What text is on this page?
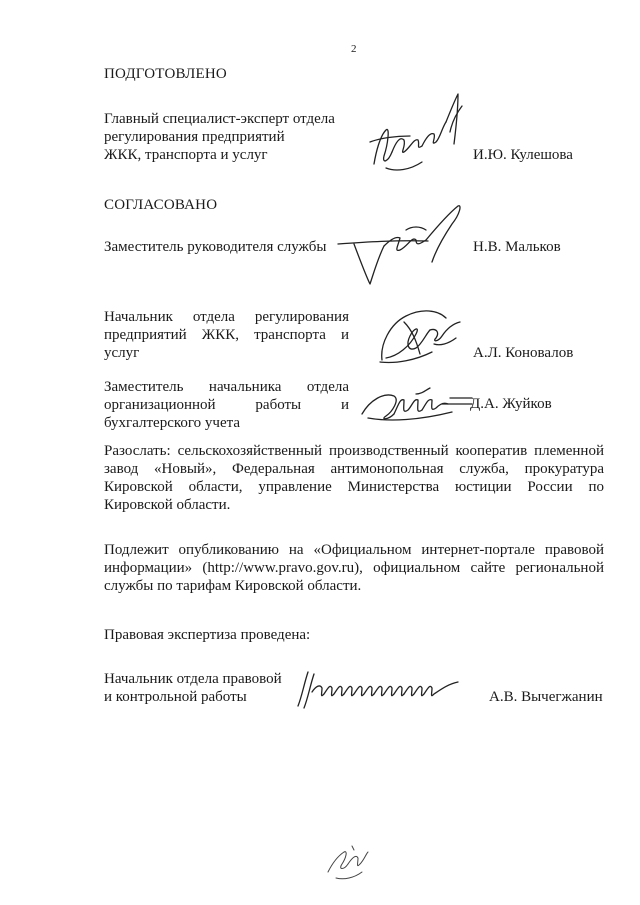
2
ПОДГОТОВЛЕНО
Главный специалист-эксперт отдела
регулирования предприятий
ЖКК, транспорта и услуг	И.Ю. Кулешова
СОГЛАСОВАНО
Заместитель руководителя службы	Н.В. Мальков
Начальник отдела регулирования
предприятий ЖКК, транспорта и
услуг	А.Л. Коновалов
Заместитель начальника отдела
организационной работы и
бухгалтерского учета
Д.А. Жуйков
Разослать: сельскохозяйственный производственный кооператив племенной
завод «Новый», Федеральная антимонопольная служба, прокуратура
Кировской области, управление Министерства юстиции России по
Кировской области.
Подлежит опубликованию на «Официальном интернет-портале правовой
информации» (http://www.pravo.gov.ru), официальном сайте региональной
службы по тарифам Кировской области.
Правовая экспертиза проведена:
Начальник отдела правовой
и контрольной работы	А.В. Вычегжанин
